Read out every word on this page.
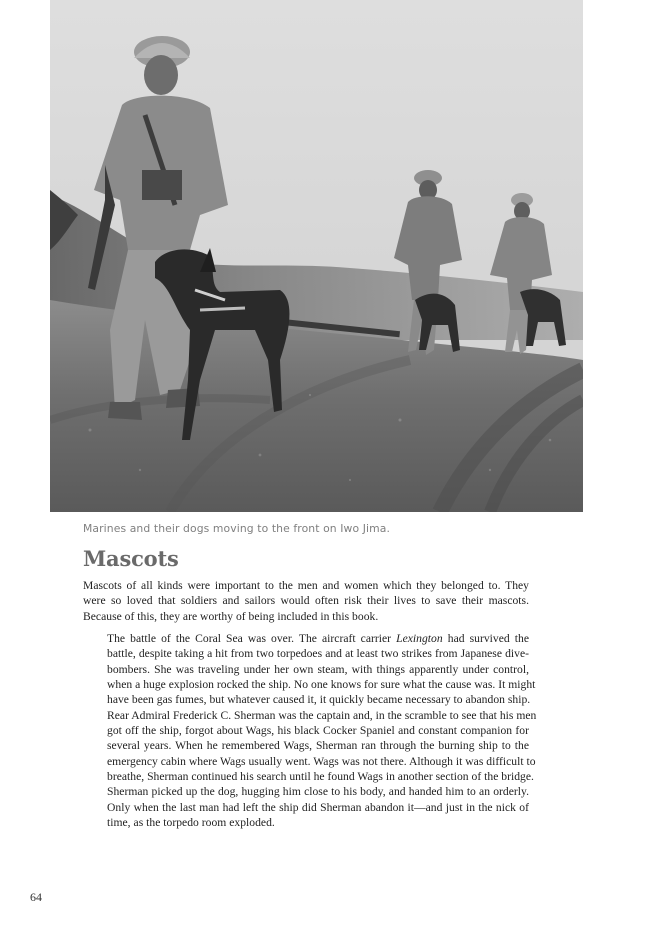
Marines and their dogs moving to the front on Iwo Jima.
Mascots
Mascots of all kinds were important to the men and women which they belonged to. They
were so loved that soldiers and sailors would often risk their lives to save their mascots.
Because of this, they are worthy of being included in this book.
The battle of the Coral Sea was over. The aircraft carrier Lexington had survived the
battle, despite taking a hit from two torpedoes and at least two strikes from Japanese dive-
bombers. She was traveling under her own steam, with things apparently under control,
when a huge explosion rocked the ship. No one knows for sure what the cause was. It might
have been gas fumes, but whatever caused it, it quickly became necessary to abandon ship.
Rear Admiral Frederick C. Sherman was the captain and, in the scramble to see that his men
got off the ship, forgot about Wags, his black Cocker Spaniel and constant companion for
several years. When he remembered Wags, Sherman ran through the burning ship to the
emergency cabin where Wags usually went. Wags was not there. Although it was difficult to
breathe, Sherman continued his search until he found Wags in another section of the bridge.
Sherman picked up the dog, hugging him close to his body, and handed him to an orderly.
Only when the last man had left the ship did Sherman abandon it—and just in the nick of
time, as the torpedo room exploded.
64
